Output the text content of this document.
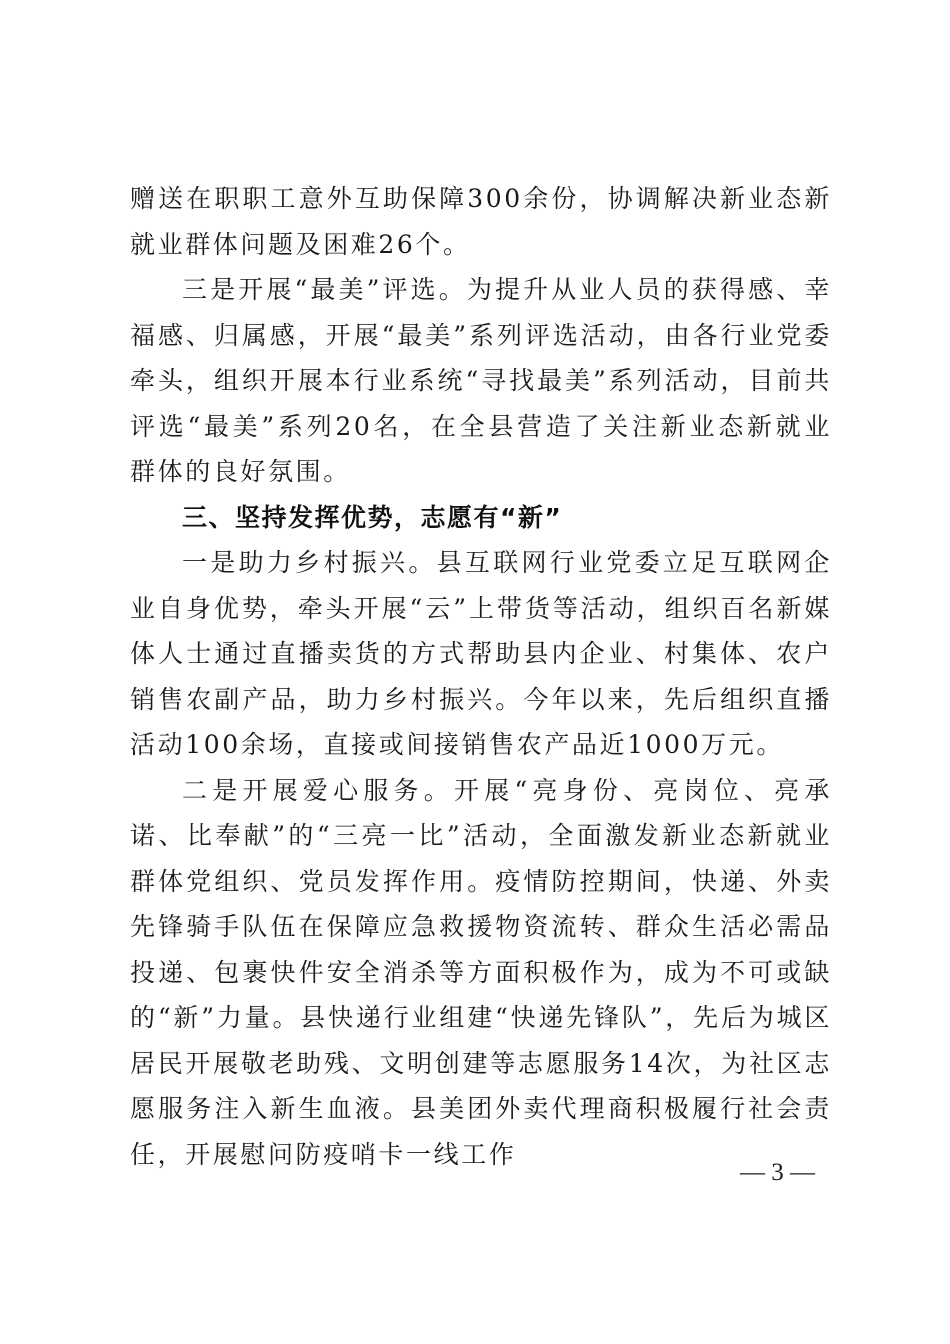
赠送在职职工意外互助保障300余份，协调解决新业态新就业群体问题及困难26个。

三是开展“最美”评选。为提升从业人员的获得感、幸福感、归属感，开展“最美”系列评选活动，由各行业党委牵头，组织开展本行业系统“寻找最美”系列活动，目前共评选“最美”系列20名，在全县营造了关注新业态新就业群体的良好氛围。

三、坚持发挥优势，志愿有“新”

一是助力乡村振兴。县互联网行业党委立足互联网企业自身优势，牵头开展“云”上带货等活动，组织百名新媒体人士通过直播卖货的方式帮助县内企业、村集体、农户销售农副产品，助力乡村振兴。今年以来，先后组织直播活动100余场，直接或间接销售农产品近1000万元。

二是开展爱心服务。开展“亮身份、亮岗位、亮承诺、比奉献”的“三亮一比”活动，全面激发新业态新就业群体党组织、党员发挥作用。疫情防控期间，快递、外卖先锋骑手队伍在保障应急救援物资流转、群众生活必需品投递、包裹快件安全消杀等方面积极作为，成为不可或缺的“新”力量。县快递行业组建“快递先锋队”，先后为城区居民开展敬老助残、文明创建等志愿服务14次，为社区志愿服务注入新生血液。县美团外卖代理商积极履行社会责任，开展慰问防疫哨卡一线工作

— 3 —
